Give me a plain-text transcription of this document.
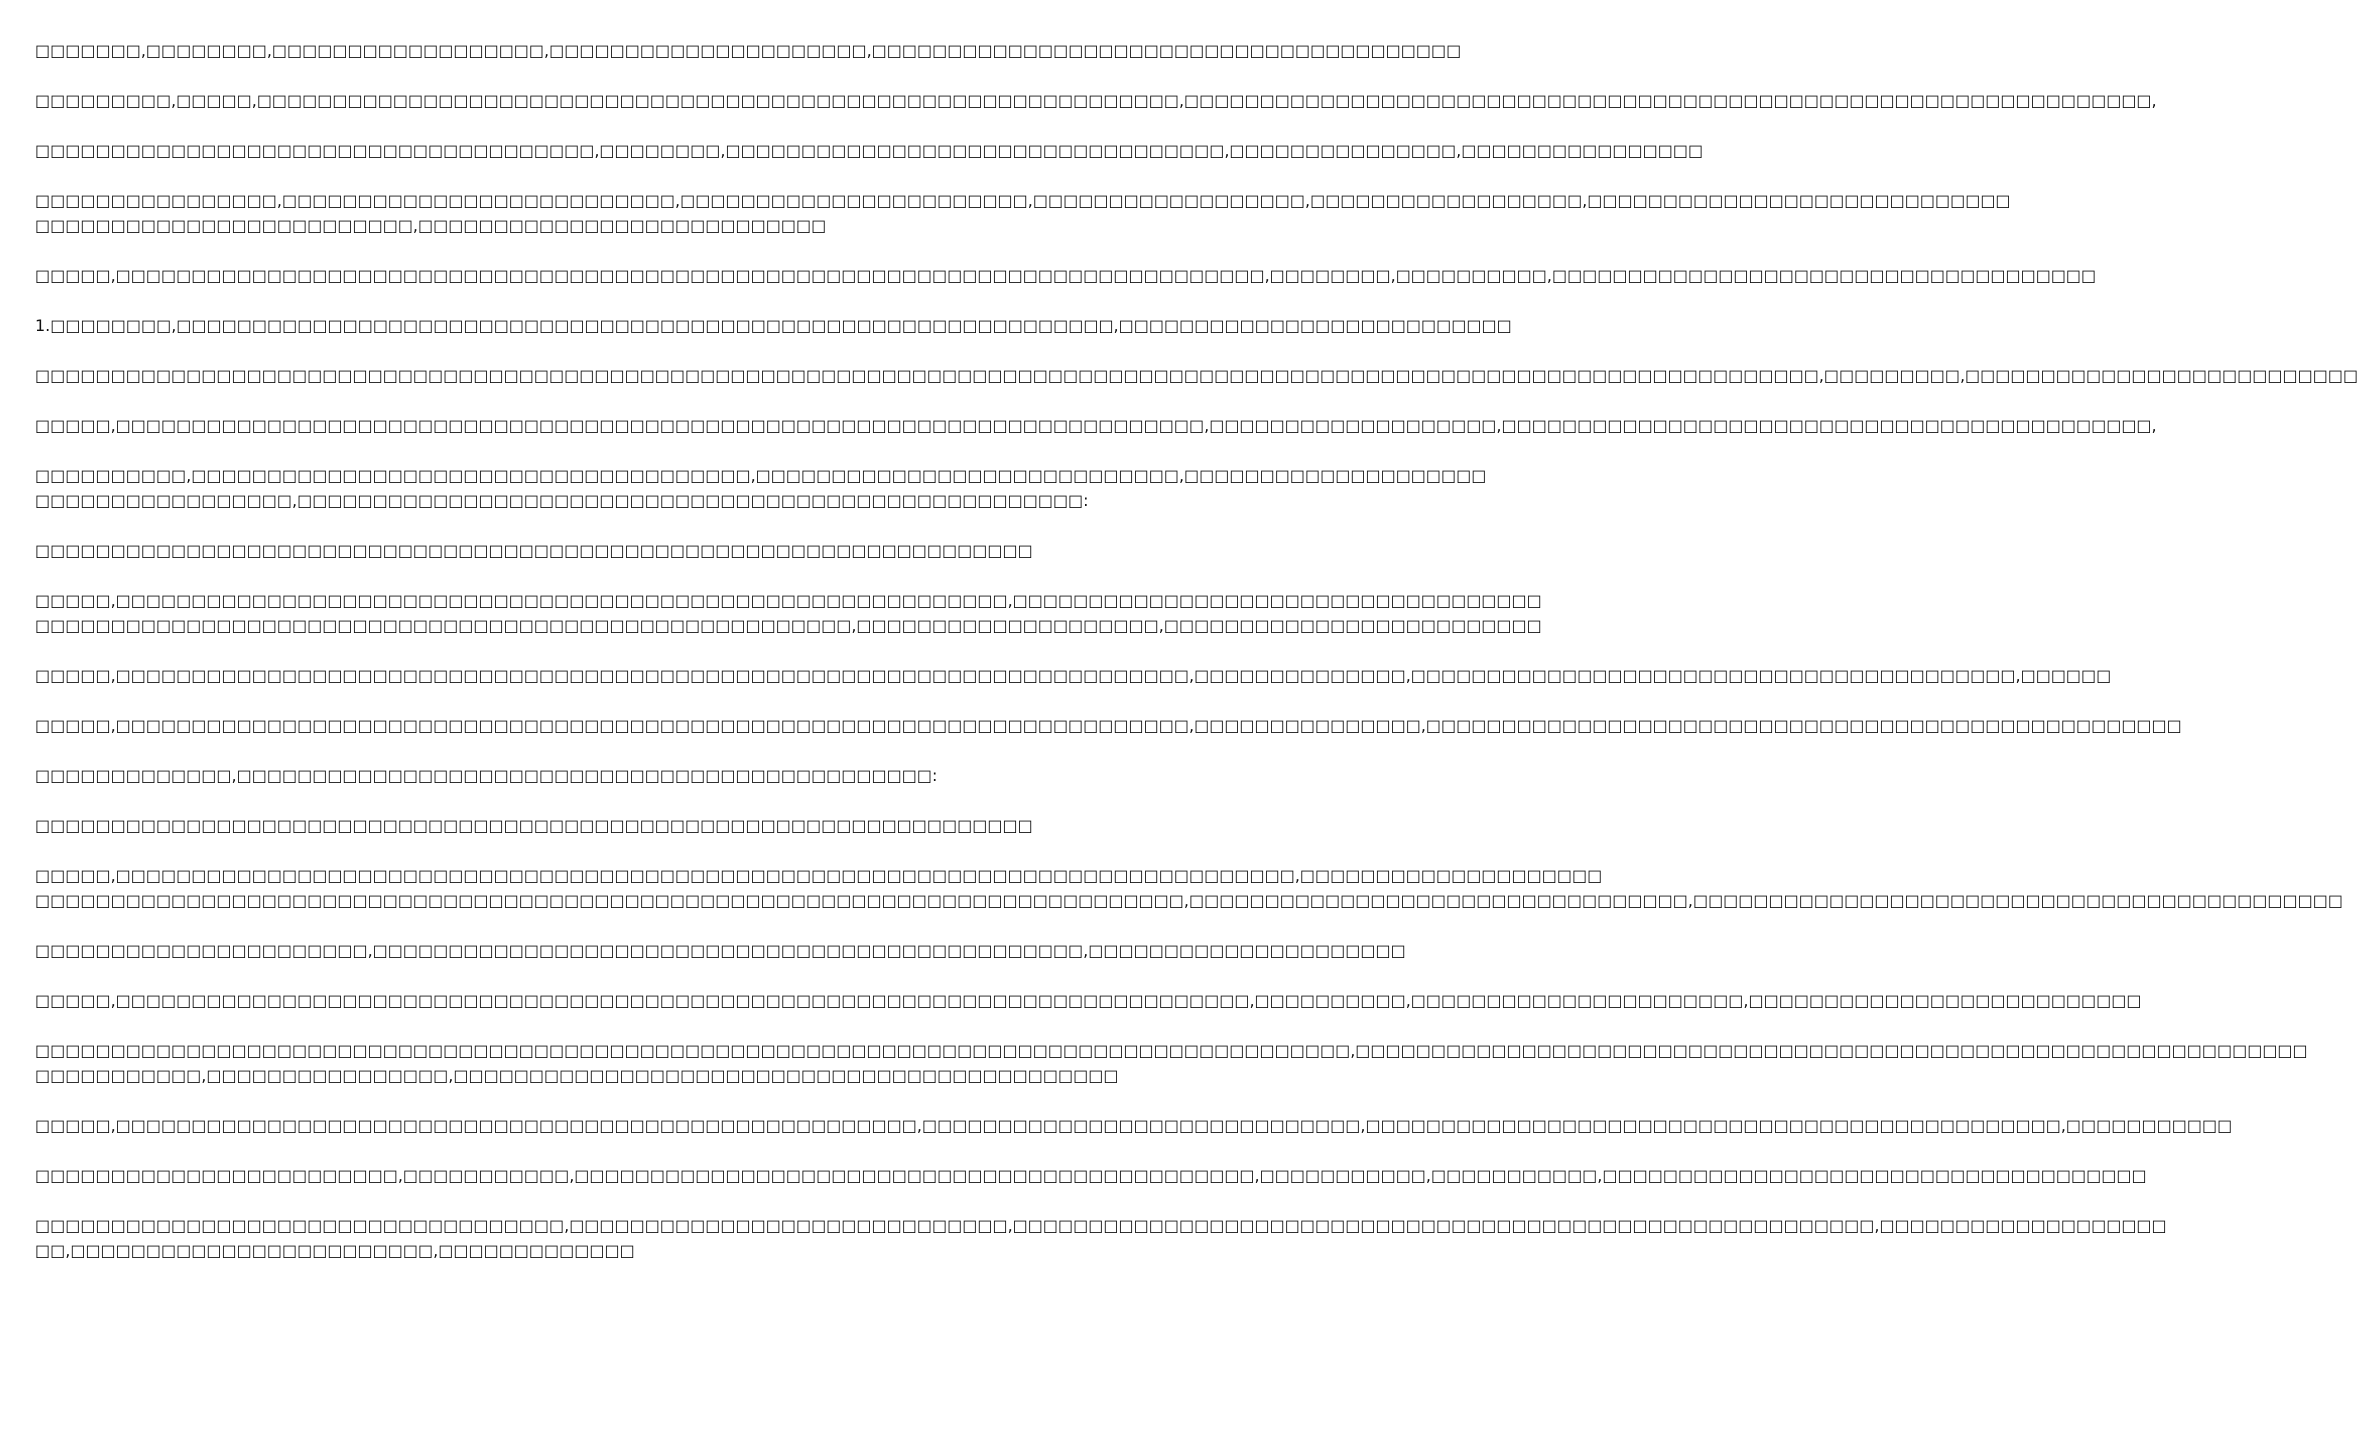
□□□□□□□,□□□□□□□□,□□□□□□□□□□□□□□□□□□,□□□□□□□□□□□□□□□□□□□□□,□□□□□□□□□□□□□□□□□□□□□□□□□□□□□□□□□□□□□□□

□□□□□□□□□,□□□□□,□□□□□□□□□□□□□□□□□□□□□□□□□□□□□□□□□□□□□□□□□□□□□□□□□□□□□□□□□□□□□,□□□□□□□□□□□□□□□□□□□□□□□□□□□□□□□□□□□□□□□□□□□□□□□□□□□□□□□□□□□□□□□□,

□□□□□□□□□□□□□□□□□□□□□□□□□□□□□□□□□□□□□,□□□□□□□□,□□□□□□□□□□□□□□□□□□□□□□□□□□□□□□□□□,□□□□□□□□□□□□□□□,□□□□□□□□□□□□□□□□

□□□□□□□□□□□□□□□□,□□□□□□□□□□□□□□□□□□□□□□□□□□,□□□□□□□□□□□□□□□□□□□□□□□,□□□□□□□□□□□□□□□□□□,□□□□□□□□□□□□□□□□□□,□□□□□□□□□□□□□□□□□□□□□□□□□□□□
□□□□□□□□□□□□□□□□□□□□□□□□□,□□□□□□□□□□□□□□□□□□□□□□□□□□□

□□□□□,□□□□□□□□□□□□□□□□□□□□□□□□□□□□□□□□□□□□□□□□□□□□□□□□□□□□□□□□□□□□□□□□□□□□□□□□□□□□,□□□□□□□□,□□□□□□□□□□,□□□□□□□□□□□□□□□□□□□□□□□□□□□□□□□□□□□□

1.□□□□□□□□,□□□□□□□□□□□□□□□□□□□□□□□□□□□□□□□□□□□□□□□□□□□□□□□□□□□□□□□□□□□□□□,□□□□□□□□□□□□□□□□□□□□□□□□□□

□□□□□□□□□□□□□□□□□□□□□□□□□□□□□□□□□□□□□□□□□□□□□□□□□□□□□□□□□□□□□□□□□□□□□□□□□□□□□□□□□□□□□□□□□□□□□□□□□□□□□□□□□□□□□□□□□□□□□□,□□□□□□□□□,□□□□□□□□□□□□□□□□□□□□□□□□□□

□□□□□,□□□□□□□□□□□□□□□□□□□□□□□□□□□□□□□□□□□□□□□□□□□□□□□□□□□□□□□□□□□□□□□□□□□□□□□□,□□□□□□□□□□□□□□□□□□□,□□□□□□□□□□□□□□□□□□□□□□□□□□□□□□□□□□□□□□□□□□□,

□□□□□□□□□□,□□□□□□□□□□□□□□□□□□□□□□□□□□□□□□□□□□□□□,□□□□□□□□□□□□□□□□□□□□□□□□□□□□,□□□□□□□□□□□□□□□□□□□□
□□□□□□□□□□□□□□□□□,□□□□□□□□□□□□□□□□□□□□□□□□□□□□□□□□□□□□□□□□□□□□□□□□□□□□:

□□□□□□□□□□□□□□□□□□□□□□□□□□□□□□□□□□□□□□□□□□□□□□□□□□□□□□□□□□□□□□□□□□

□□□□□,□□□□□□□□□□□□□□□□□□□□□□□□□□□□□□□□□□□□□□□□□□□□□□□□□□□□□□□□□□□,□□□□□□□□□□□□□□□□□□□□□□□□□□□□□□□□□□□
□□□□□□□□□□□□□□□□□□□□□□□□□□□□□□□□□□□□□□□□□□□□□□□□□□□□□□,□□□□□□□□□□□□□□□□□□□□,□□□□□□□□□□□□□□□□□□□□□□□□□

□□□□□,□□□□□□□□□□□□□□□□□□□□□□□□□□□□□□□□□□□□□□□□□□□□□□□□□□□□□□□□□□□□□□□□□□□□□□□,□□□□□□□□□□□□□□,□□□□□□□□□□□□□□□□□□□□□□□□□□□□□□□□□□□□□□□□,□□□□□□

□□□□□,□□□□□□□□□□□□□□□□□□□□□□□□□□□□□□□□□□□□□□□□□□□□□□□□□□□□□□□□□□□□□□□□□□□□□□□,□□□□□□□□□□□□□□□,□□□□□□□□□□□□□□□□□□□□□□□□□□□□□□□□□□□□□□□□□□□□□□□□□□

□□□□□□□□□□□□□,□□□□□□□□□□□□□□□□□□□□□□□□□□□□□□□□□□□□□□□□□□□□□□:

□□□□□□□□□□□□□□□□□□□□□□□□□□□□□□□□□□□□□□□□□□□□□□□□□□□□□□□□□□□□□□□□□□

□□□□□,□□□□□□□□□□□□□□□□□□□□□□□□□□□□□□□□□□□□□□□□□□□□□□□□□□□□□□□□□□□□□□□□□□□□□□□□□□□□□□,□□□□□□□□□□□□□□□□□□□□
□□□□□□□□□□□□□□□□□□□□□□□□□□□□□□□□□□□□□□□□□□□□□□□□□□□□□□□□□□□□□□□□□□□□□□□□□□□□,□□□□□□□□□□□□□□□□□□□□□□□□□□□□□□□□□,□□□□□□□□□□□□□□□□□□□□□□□□□□□□□□□□□□□□□□□□□□□

□□□□□□□□□□□□□□□□□□□□□□,□□□□□□□□□□□□□□□□□□□□□□□□□□□□□□□□□□□□□□□□□□□□□□□,□□□□□□□□□□□□□□□□□□□□□

□□□□□,□□□□□□□□□□□□□□□□□□□□□□□□□□□□□□□□□□□□□□□□□□□□□□□□□□□□□□□□□□□□□□□□□□□□□□□□□□□,□□□□□□□□□□,□□□□□□□□□□□□□□□□□□□□□□,□□□□□□□□□□□□□□□□□□□□□□□□□□

□□□□□□□□□□□□□□□□□□□□□□□□□□□□□□□□□□□□□□□□□□□□□□□□□□□□□□□□□□□□□□□□□□□□□□□□□□□□□□□□□□□□□□□,□□□□□□□□□□□□□□□□□□□□□□□□□□□□□□□□□□□□□□□□□□□□□□□□□□□□□□□□□□□□□□□
□□□□□□□□□□□,□□□□□□□□□□□□□□□□,□□□□□□□□□□□□□□□□□□□□□□□□□□□□□□□□□□□□□□□□□□□□

□□□□□,□□□□□□□□□□□□□□□□□□□□□□□□□□□□□□□□□□□□□□□□□□□□□□□□□□□□□,□□□□□□□□□□□□□□□□□□□□□□□□□□□□□,□□□□□□□□□□□□□□□□□□□□□□□□□□□□□□□□□□□□□□□□□□□□□□,□□□□□□□□□□□

□□□□□□□□□□□□□□□□□□□□□□□□,□□□□□□□□□□□,□□□□□□□□□□□□□□□□□□□□□□□□□□□□□□□□□□□□□□□□□□□□□,□□□□□□□□□□□,□□□□□□□□□□□,□□□□□□□□□□□□□□□□□□□□□□□□□□□□□□□□□□□□

□□□□□□□□□□□□□□□□□□□□□□□□□□□□□□□□□□□,□□□□□□□□□□□□□□□□□□□□□□□□□□□□□,□□□□□□□□□□□□□□□□□□□□□□□□□□□□□□□□□□□□□□□□□□□□□□□□□□□□□□□□□,□□□□□□□□□□□□□□□□□□□
□□,□□□□□□□□□□□□□□□□□□□□□□□□,□□□□□□□□□□□□□
